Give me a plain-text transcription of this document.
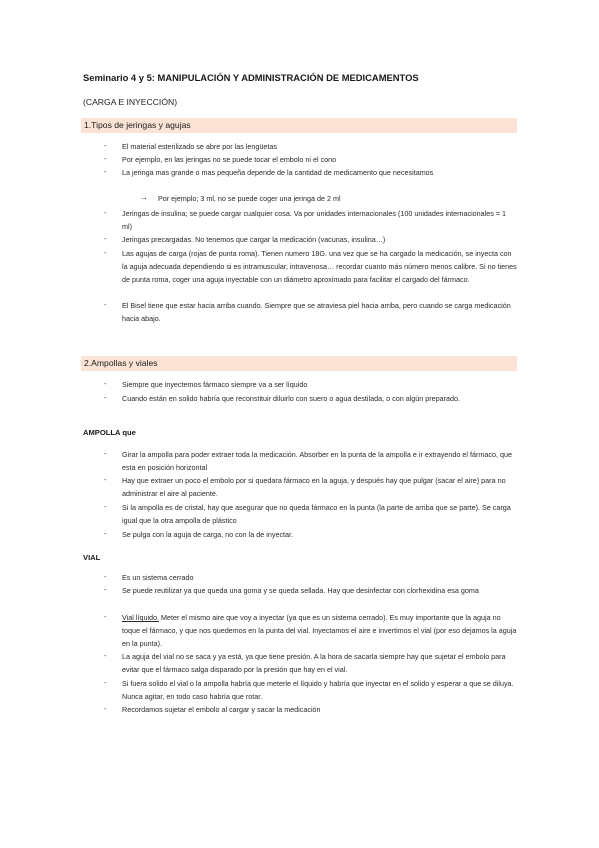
Seminario 4 y 5: MANIPULACIÓN Y ADMINISTRACIÓN DE MEDICAMENTOS
(CARGA E INYECCIÓN)
1.Tipos de jeringas y agujas
- El material esterilizado se abre por las lengüetas
- Por ejemplo, en las jeringas no se puede tocar el embolo ni el cono
- La jeringa mas grande o mas pequeña depende de la cantidad de medicamento que necesitamos
→ Por ejemplo; 3 ml, no se puede coger una jeringa de 2 ml
- Jeringas de insulina; se puede cargar cualquier cosa. Va por unidades internacionales (100 unidades internacionales = 1 ml)
- Jeringas precargadas. No tenemos que cargar la medicación (vacunas, insulina…)
- Las agujas de carga (rojas de punta roma). Tienen numero 18G. una vez que se ha cargado la medicación, se inyecta con la aguja adecuada dependiendo si es intramuscular, intravenosa… recordar cuanto más número menos calibre. Si no tienes de punta roma, coger una aguja inyectable con un diámetro aproximado para facilitar el cargado del fármaco.
- El Bisel tiene que estar hacia arriba cuando. Siempre que se atraviesa piel hacia arriba, pero cuando se carga medicación hacia abajo.
2.Ampollas y viales
- Siempre que inyectemos fármaco siempre va a ser líquido
- Cuando están en solido habría que reconstituir diluirlo con suero o agua destilada, o con algún preparado.
AMPOLLA que
- Girar la ampolla para poder extraer toda la medicación. Absorber en la punta de la ampolla e ir extrayendo el fármaco, que esta en posición horizontal
- Hay que extraer un poco el embolo por si quedara fármaco en la aguja, y después hay que pulgar (sacar el aire) para no administrar el aire al paciente.
- Si la ampolla es de cristal, hay que asegurar que no queda fármaco en la punta (la parte de arriba que se parte). Se carga igual que la otra ampolla de plástico
- Se pulga con la aguja de carga, no con la de inyectar.
VIAL
- Es un sistema cerrado
- Se puede reutilizar ya que queda una goma y se queda sellada. Hay que desinfectar con clorhexidina esa goma
- Vial líquido. Meter el mismo aire que voy a inyectar (ya que es un sistema cerrado). Es muy importante que la aguja no toque el fármaco, y que nos quedemos en la punta del vial. Inyectamos el aire e invertimos el vial (por eso dejamos la aguja en la punta).
- La aguja del vial no se saca y ya está, ya que tiene presión. A la hora de sacarla siempre hay que sujetar el embolo para evitar que el fármaco salga disparado por la presión que hay en el vial.
- Si fuera solido el vial o la ampolla habría que meterle el líquido y habría que inyectar en el solido y esperar a que se diluya. Nunca agitar, en todo caso habría que rotar.
- Recordamos sujetar el embolo al cargar y sacar la medicación
